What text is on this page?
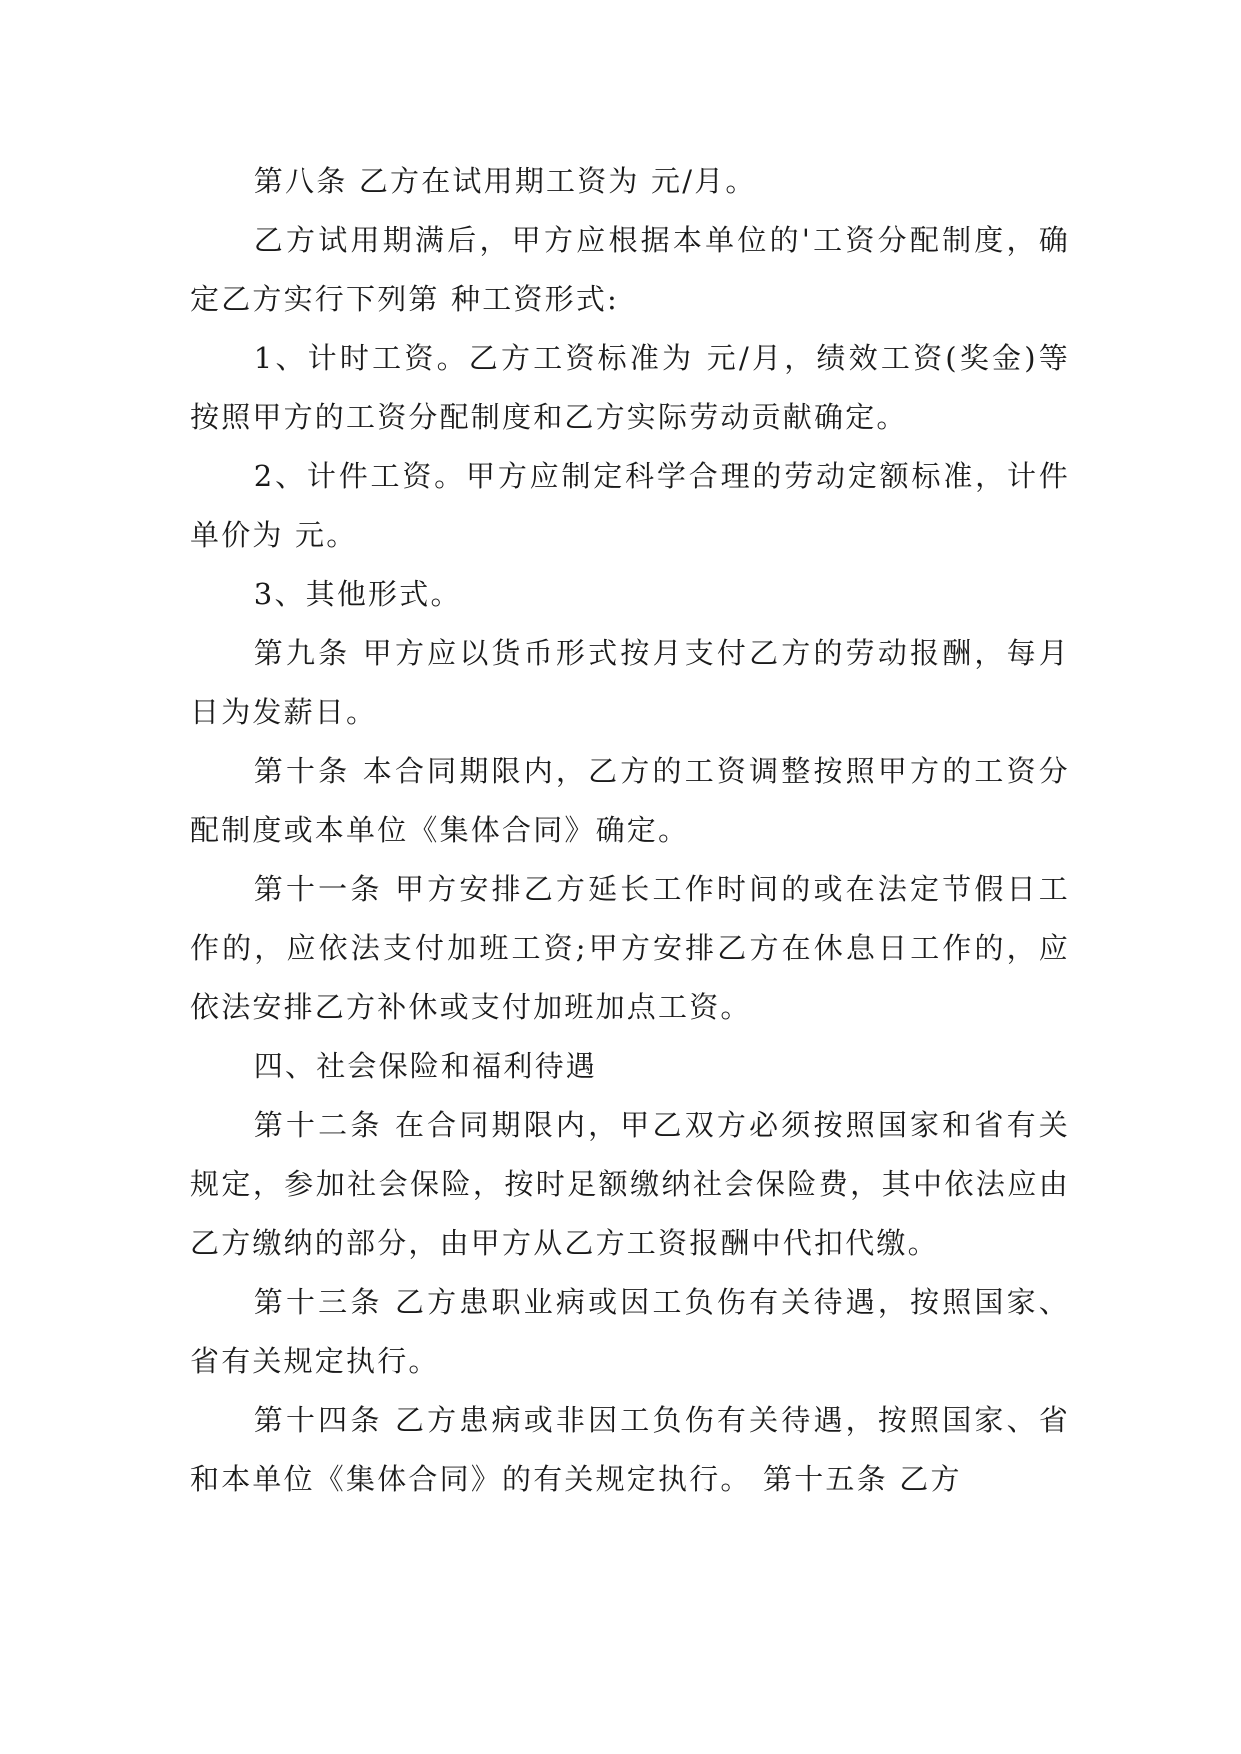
第八条 乙方在试用期工资为 元/月。

乙方试用期满后，甲方应根据本单位的'工资分配制度，确定乙方实行下列第 种工资形式:

1、计时工资。乙方工资标准为 元/月，绩效工资(奖金)等按照甲方的工资分配制度和乙方实际劳动贡献确定。

2、计件工资。甲方应制定科学合理的劳动定额标准，计件单价为 元。

3、其他形式。

第九条 甲方应以货币形式按月支付乙方的劳动报酬，每月 日为发薪日。

第十条 本合同期限内，乙方的工资调整按照甲方的工资分配制度或本单位《集体合同》确定。

第十一条 甲方安排乙方延长工作时间的或在法定节假日工作的，应依法支付加班工资;甲方安排乙方在休息日工作的，应依法安排乙方补休或支付加班加点工资。

四、社会保险和福利待遇

第十二条 在合同期限内，甲乙双方必须按照国家和省有关规定，参加社会保险，按时足额缴纳社会保险费，其中依法应由乙方缴纳的部分，由甲方从乙方工资报酬中代扣代缴。

第十三条 乙方患职业病或因工负伤有关待遇，按照国家、省有关规定执行。

第十四条 乙方患病或非因工负伤有关待遇，按照国家、省和本单位《集体合同》的有关规定执行。 第十五条 乙方
